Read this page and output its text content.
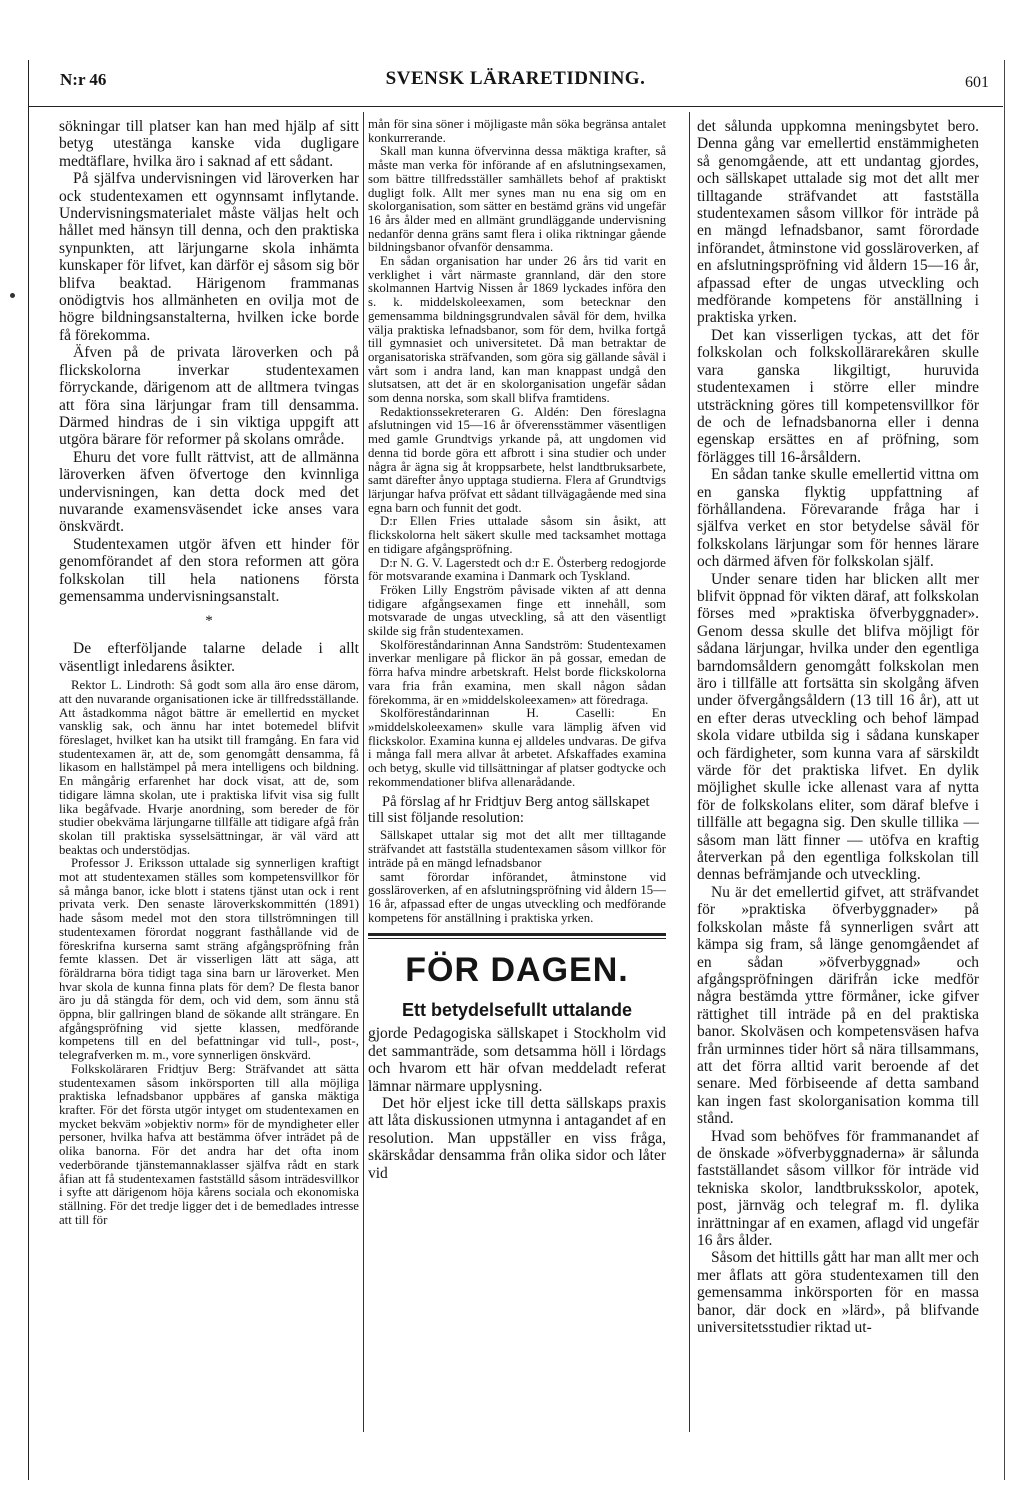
N:r 46	SVENSK LÄRARETIDNING.	601

sökningar till platser kan han med hjälp af sitt betyg utestänga kanske vida dugligare medtäflare, hvilka äro i saknad af ett sådant.

På själfva undervisningen vid läroverken har ock studentexamen ett ogynnsamt inflytande. Undervisningsmaterialet måste väljas helt och hållet med hänsyn till denna, och den praktiska synpunkten, att lärjungarne skola inhämta kunskaper för lifvet, kan därför ej såsom sig bör blifva beaktad. Härigenom frammanas onödigtvis hos allmänheten en ovilja mot de högre bildningsanstalterna, hvilken icke borde få förekomma.

Äfven på de privata läroverken och på flickskolorna inverkar studentexamen förryckande, därigenom att de alltmera tvingas att föra sina lärjungar fram till densamma. Därmed hindras de i sin viktiga uppgift att utgöra bärare för reformer på skolans område.

Ehuru det vore fullt rättvist, att de allmänna läroverken äfven öfvertoge den kvinnliga undervisningen, kan detta dock med det nuvarande examensväsendet icke anses vara önskvärdt.

Studentexamen utgör äfven ett hinder för genomförandet af den stora reformen att göra folkskolan till hela nationens första gemensamma undervisningsanstalt.

*
De efterföljande talarne delade i allt väsentligt inledarens åsikter.

Rektor L. Lindroth: Så godt som alla äro ense därom, att den nuvarande organisationen icke är tillfredsställande. Att åstadkomma något bättre är emellertid en mycket vansklig sak, och ännu har intet botemedel blifvit föreslaget, hvilket kan ha utsikt till framgång. En fara vid studentexamen är, att de, som genomgått densamma, få likasom en hallstämpel på mera intelligens och bildning. En mångårig erfarenhet har dock visat, att de, som tidigare lämna skolan, ute i praktiska lifvit visa sig fullt lika begåfvade. Hvarje anordning, som bereder de för studier obekväma lärjungarne tillfälle att tidigare afgå från skolan till praktiska sysselsättningar, är väl värd att beaktas och understödjas.

Professor J. Eriksson uttalade sig synnerligen kraftigt mot att studentexamen ställes som kompetensvillkor för så många banor, icke blott i statens tjänst utan ock i rent privata verk. Den senaste läroverkskommittén (1891) hade såsom medel mot den stora tillströmningen till studentexamen förordat noggrant fasthållande vid de föreskrifna kurserna samt sträng afgångspröfning från femte klassen. Det är visserligen lätt att säga, att föräldrarna böra tidigt taga sina barn ur läroverket. Men hvar skola de kunna finna plats för dem? De flesta banor äro ju då stängda för dem, och vid dem, som ännu stå öppna, blir gallringen bland de sökande allt strängare. En afgångspröfning vid sjette klassen, medförande kompetens till en del befattningar vid tull-, post-, telegrafverken m. m., vore synnerligen önskvärd.

Folkskoläraren Fridtjuv Berg: Sträfvandet att sätta studentexamen såsom inkörsporten till alla möjliga praktiska lefnadsbanor uppbäres af ganska mäktiga krafter. För det första utgör intyget om studentexamen en mycket bekväm »objektiv norm» för de myndigheter eller personer, hvilka hafva att bestämma öfver inträdet på de olika banorna. För det andra har det ofta inom vederbörande tjänstemannaklasser själfva rådt en stark åfian att få studentexamen fastställd såsom inträdesvillkor i syfte att därigenom höja kårens sociala och ekonomiska ställning. För det tredje ligger det i de bemedlades intresse att till för

mån för sina söner i möjligaste mån söka begränsa antalet konkurrerande.

Skall man kunna öfvervinna dessa mäktiga krafter, så måste man verka för införande af en afslutningsexamen, som bättre tillfredsställer samhällets behof af praktiskt dugligt folk. Allt mer synes man nu ena sig om en skolorganisation, som sätter en bestämd gräns vid ungefär 16 års ålder med en allmänt grundläggande undervisning nedanför denna gräns samt flera i olika riktningar gående bildningsbanor ofvanför densamma.

En sådan organisation har under 26 års tid varit en verklighet i vårt närmaste grannland, där den store skolmannen Hartvig Nissen år 1869 lyckades införa den s. k. middelskoleexamen, som betecknar den gemensamma bildningsgrundvalen såväl för dem, hvilka välja praktiska lefnadsbanor, som för dem, hvilka fortgå till gymnasiet och universitetet. Då man betraktar de organisatoriska sträfvanden, som göra sig gällande såväl i vårt som i andra land, kan man knappast undgå den slutsatsen, att det är en skolorganisation ungefär sådan som denna norska, som skall blifva framtidens.

Redaktionssekreteraren G. Aldén: Den föreslagna afslutningen vid 15—16 år öfverensstämmer väsentligen med gamle Grundtvigs yrkande på, att ungdomen vid denna tid borde göra ett afbrott i sina studier och under några år ägna sig åt kroppsarbete, helst landtbruksarbete, samt därefter ånyo upptaga studierna. Flera af Grundtvigs lärjungar hafva pröfvat ett sådant tillvägagående med sina egna barn och funnit det godt.

D:r Ellen Fries uttalade såsom sin åsikt, att flickskolorna helt säkert skulle med tacksamhet mottaga en tidigare afgångspröfning.

D:r N. G. V. Lagerstedt och d:r E. Österberg redogjorde för motsvarande examina i Danmark och Tyskland.

Fröken Lilly Engström påvisade vikten af att denna tidigare afgångsexamen finge ett innehåll, som motsvarade de ungas utveckling, så att den väsentligt skilde sig från studentexamen.

Skolföreståndarinnan Anna Sandström: Studentexamen inverkar menligare på flickor än på gossar, emedan de förra hafva mindre arbetskraft. Helst borde flickskolorna vara fria från examina, men skall någon sådan förekomma, är en »middelskoleexamen» att föredraga.

Skolföreståndarinnan H. Caselli: En »middelskoleexamen» skulle vara lämplig äfven vid flickskolor. Examina kunna ej alldeles undvaras. De gifva i många fall mera allvar åt arbetet. Afskaffades examina och betyg, skulle vid tillsättningar af platser godtycke och rekommendationer blifva allenarådande.

På förslag af hr Fridtjuv Berg antog sällskapet till sist följande resolution:

Sällskapet uttalar sig mot det allt mer tilltagande sträfvandet att fastställa studentexamen såsom villkor för inträde på en mängd lefnadsbanor

samt förordar införandet, åtminstone vid gossläroverken, af en afslutningspröfning vid åldern 15—16 år, afpassad efter de ungas utveckling och medförande kompetens för anställning i praktiska yrken.

FÖR DAGEN.
Ett betydelsefullt uttalande

gjorde Pedagogiska sällskapet i Stockholm vid det sammanträde, som detsamma höll i lördags och hvarom ett här ofvan meddeladt referat lämnar närmare upplysning.

Det hör eljest icke till detta sällskaps praxis att låta diskussionen utmynna i antagandet af en resolution. Man uppställer en viss fråga, skärskådar densamma från olika sidor och låter vid

det sålunda uppkomna meningsbytet bero. Denna gång var emellertid enstämmigheten så genomgående, att ett undantag gjordes, och sällskapet uttalade sig mot det allt mer tilltagande sträfvandet att fastställa studentexamen såsom villkor för inträde på en mängd lefnadsbanor, samt förordade införandet, åtminstone vid gossläroverken, af en afslutningspröfning vid åldern 15—16 år, afpassad efter de ungas utveckling och medförande kompetens för anställning i praktiska yrken.

Det kan visserligen tyckas, att det för folkskolan och folkskollärarekåren skulle vara ganska likgiltigt, huruvida studentexamen i större eller mindre utsträckning göres till kompetensvillkor för de och de lefnadsbanorna eller i denna egenskap ersättes en af pröfning, som förlägges till 16-årsåldern.

En sådan tanke skulle emellertid vittna om en ganska flyktig uppfattning af förhållandena. Förevarande fråga har i själfva verket en stor betydelse såväl för folkskolans lärjungar som för hennes lärare och därmed äfven för folkskolan själf.

Under senare tiden har blicken allt mer blifvit öppnad för vikten däraf, att folkskolan förses med »praktiska öfverbyggnader». Genom dessa skulle det blifva möjligt för sådana lärjungar, hvilka under den egentliga barndomsåldern genomgått folkskolan men äro i tillfälle att fortsätta sin skolgång äfven under öfvergångsåldern (13 till 16 år), att ut en efter deras utveckling och behof lämpad skola vidare utbilda sig i sådana kunskaper och färdigheter, som kunna vara af särskildt värde för det praktiska lifvet. En dylik möjlighet skulle icke allenast vara af nytta för de folkskolans eliter, som däraf blefve i tillfälle att begagna sig. Den skulle tillika — såsom man lätt finner — utöfva en kraftig återverkan på den egentliga folkskolan till dennas befrämjande och utveckling.

Nu är det emellertid gifvet, att sträfvandet för »praktiska öfverbyggnader» på folkskolan måste få synnerligen svårt att kämpa sig fram, så länge genomgåendet af en sådan »öfverbyggnad» och afgångspröfningen därifrån icke medför några bestämda yttre förmåner, icke gifver rättighet till inträde på en del praktiska banor. Skolväsen och kompetensväsen hafva från urminnes tider hört så nära tillsammans, att det förra alltid varit beroende af det senare. Med förbiseende af detta samband kan ingen fast skolorganisation komma till stånd.

Hvad som behöfves för frammanandet af de önskade »öfverbyggnaderna» är sålunda fastställandet såsom villkor för inträde vid tekniska skolor, landtbruksskolor, apotek, post, järnväg och telegraf m. fl. dylika inrättningar af en examen, aflagd vid ungefär 16 års ålder.

Såsom det hittills gått har man allt mer och mer åflats att göra studentexamen till den gemensamma inkörsporten för en massa banor, där dock en »lärd», på blifvande universitetsstudier riktad ut-
